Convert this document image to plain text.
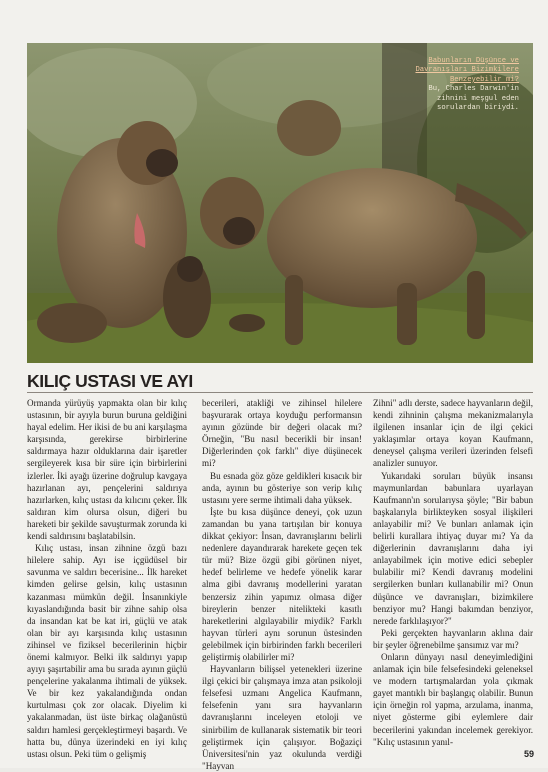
Babunların Düşünce ve Davranışları Bizimkilere Benzeyebilir mi?
Bu, Charles Darwin'in zihnini meşgul eden sorulardan biriydi.
KILIÇ USTASI VE AYI

Ormanda yürüyüş yapmakta olan bir kılıç ustasının, bir ayıyla burun buruna geldiğini hayal edelim. Her ikisi de bu ani karşılaşma karşısında, gerekirse birbirlerine saldırmaya hazır olduklarına dair işaretler sergileyerek kısa bir süre için birbirlerini izlerler. İki ayağı üzerine doğrulup kavgaya hazırlanan ayı, pençelerini saldırıya hazırlarken, kılıç ustası da kılıcını çeker. İlk saldıran kim olursa olsun, diğeri bu hareketi bir şekilde savuşturmak zorunda ki kendi saldırısını başlatabilsin.

Kılıç ustası, insan zihnine özgü bazı hilelere sahip. Ayı ise içgüdüsel bir savunma ve saldırı becerisine... İlk hareket kimden gelirse gelsin, kılıç ustasının kazanması mümkün değil. İnsanınkiyle kıyaslandığında basit bir zihne sahip olsa da insandan kat be kat iri, güçlü ve atak olan bir ayı karşısında kılıç ustasının zihinsel ve fiziksel becerilerinin hiçbir önemi kalmıyor. Belki ilk saldırıyı yapıp ayıyı şaşırtabilir ama bu sırada ayının güçlü pençelerine yakalanma ihtimali de yüksek. Ve bir kez yakalandığında ondan kurtulması çok zor olacak. Diyelim ki yakalanmadan, üst üste birkaç olağanüstü saldırı hamlesi gerçekleştirmeyi başardı. Ve hatta bu, dünya üzerindeki en iyi kılıç ustası olsun. Peki tüm o gelişmiş

becerileri, atakliği ve zihinsel hilelere başvurarak ortaya koyduğu performansın ayının gözünde bir değeri olacak mı? Örneğin, "Bu nasıl becerikli bir insan! Diğerlerinden çok farklı" diye düşünecek mi?

Bu esnada göz göze geldikleri kısacık bir anda, ayının bu gösteriye son verip kılıç ustasını yere serme ihtimali daha yüksek.

İşte bu kısa düşünce deneyi, çok uzun zamandan bu yana tartışılan bir konuya dikkat çekiyor: İnsan, davranışlarını belirli nedenlere dayandırarak harekete geçen tek tür mü? Bize özgü gibi görünen niyet, hedef belirleme ve hedefe yönelik karar alma gibi davranış modellerini yaratan benzersiz zihin yapımız olmasa diğer bireylerin benzer nitelikteki kasıtlı hareketlerini algılayabilir miydik? Farklı hayvan türleri aynı sorunun üstesinden gelebilmek için birbirinden farklı becerileri geliştirmiş olabilirler mi?

Hayvanların bilişsel yetenekleri üzerine ilgi çekici bir çalışmaya imza atan psikoloji felsefesi uzmanı Angelica Kaufmann, felsefenin yanı sıra hayvanların davranışlarını inceleyen etoloji ve sinirbilim de kullanarak sistematik bir teori geliştirmek için çalışıyor. Boğaziçi Üniversitesi'nin yaz okulunda verdiği "Hayvan

Zihni" adlı derste, sadece hayvanların değil, kendi zihninin çalışma mekanizmalarıyla ilgilenen insanlar için de ilgi çekici yaklaşımlar ortaya koyan Kaufmann, deneysel çalışma verileri üzerinden felsefi analizler sunuyor.

Yukarıdaki soruları büyük insansı maymunlardan babunlara uyarlayan Kaufmann'ın sorularıysa şöyle; "Bir babun başkalarıyla birlikteyken sosyal ilişkileri anlayabilir mi? Ve bunları anlamak için belirli kurallara ihtiyaç duyar mı? Ya da diğerlerinin davranışlarını daha iyi anlayabilmek için motive edici sebepler bulabilir mi? Kendi davranış modelini sergilerken bunları kullanabilir mi? Onun düşünce ve davranışları, bizimkilere benziyor mu? Hangi bakımdan benziyor, nerede farklılaşıyor?"

Peki gerçekten hayvanların aklına dair bir şeyler öğrenebilme şansımız var mı?

Onların dünyayı nasıl deneyimlediğini anlamak için bile felsefesindeki geleneksel ve modern tartışmalardan yola çıkmak gayet mantıklı bir başlangıç olabilir. Bunun için örneğin rol yapma, arzulama, inanma, niyet gösterme gibi eylemlere dair becerilerini yakından incelemek gerekiyor. "Kılıç ustasının yanıl-

59
